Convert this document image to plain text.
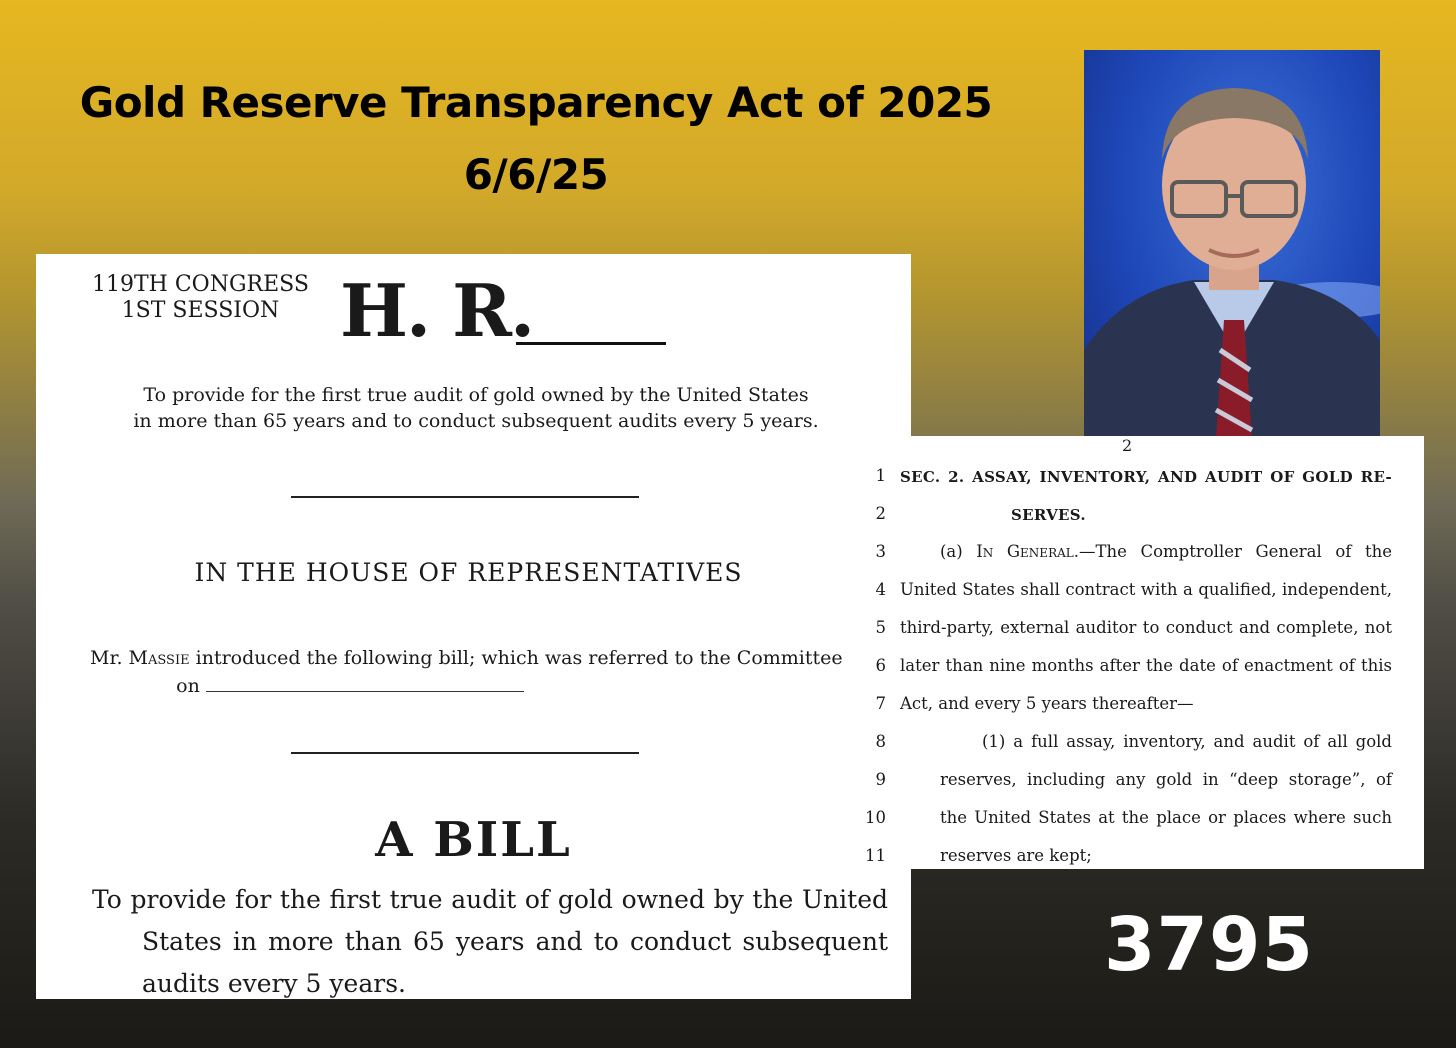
Gold Reserve Transparency Act of 2025
6/6/25
119TH CONGRESS
1ST SESSION H. R.
To provide for the first true audit of gold owned by the United States
in more than 65 years and to conduct subsequent audits every 5 years.
IN THE HOUSE OF REPRESENTATIVES
Mr. Massie introduced the following bill; which was referred to the Committee
on
A BILL
To provide for the first true audit of gold owned by the United States in more than 65 years and to conduct subsequent audits every 5 years.
2
1 SEC. 2. ASSAY, INVENTORY, AND AUDIT OF GOLD RE-
2	SERVES.
3	(a) In General.—The Comptroller General of the
4 United States shall contract with a qualified, independent,
5 third-party, external auditor to conduct and complete, not
6 later than nine months after the date of enactment of this
7 Act, and every 5 years thereafter—
8	(1) a full assay, inventory, and audit of all gold
9	reserves, including any gold in “deep storage”, of
10	the United States at the place or places where such
11	reserves are kept;
3795
